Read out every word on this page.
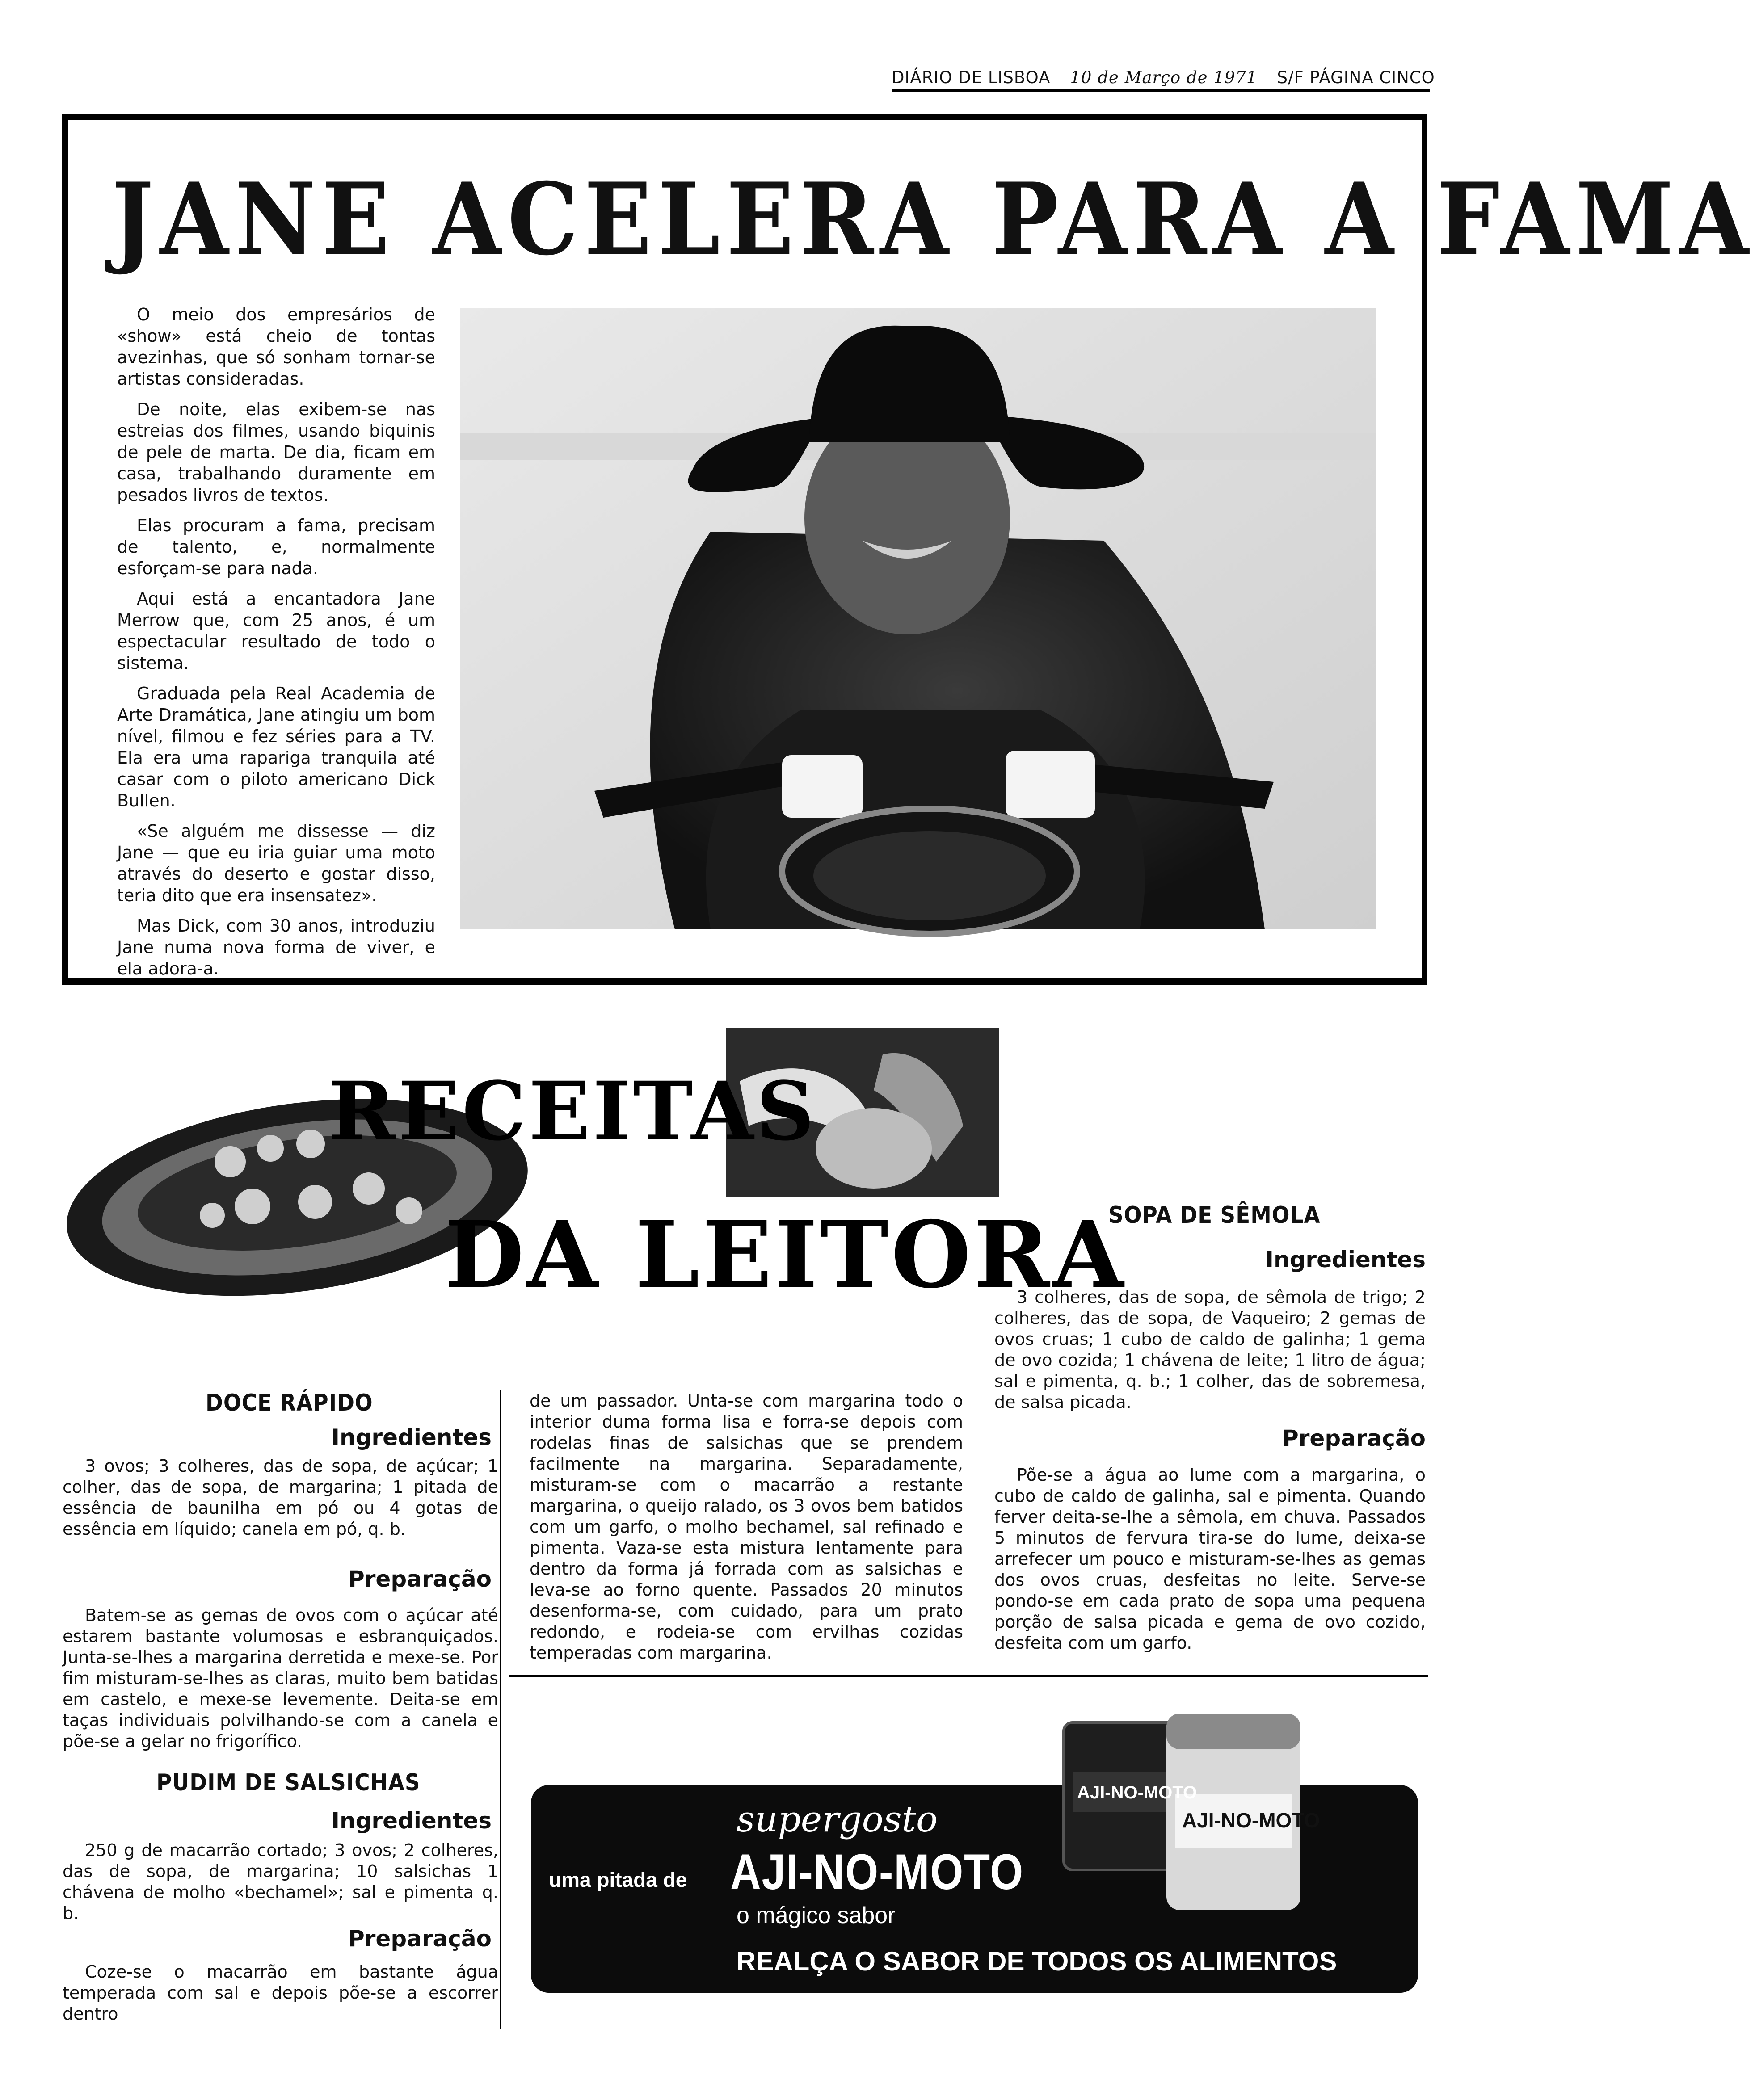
DIÁRIO DE LISBOA 10 de Março de 1971 S/F PÁGINA CINCO
JANE ACELERA PARA A FAMA

O meio dos empresários de «show» está cheio de tontas avezinhas, que só sonham tornar-se artistas consideradas.

De noite, elas exibem-se nas estreias dos filmes, usando biquinis de pele de marta. De dia, ficam em casa, trabalhando duramente em pesados livros de textos.

Elas procuram a fama, precisam de talento, e, normalmente esforçam-se para nada.

Aqui está a encantadora Jane Merrow que, com 25 anos, é um espectacular resultado de todo o sistema.

Graduada pela Real Academia de Arte Dramática, Jane atingiu um bom nível, filmou e fez séries para a TV. Ela era uma rapariga tranquila até casar com o piloto americano Dick Bullen.

«Se alguém me dissesse — diz Jane — que eu iria guiar uma moto através do deserto e gostar disso, teria dito que era insensatez».

Mas Dick, com 30 anos, introduziu Jane numa nova forma de viver, e ela adora-a.

RECEITAS
DA LEITORA
DOCE RÁPIDO
Ingredientes

3 ovos; 3 colheres, das de sopa, de açúcar; 1 colher, das de sopa, de margarina; 1 pitada de essência de baunilha em pó ou 4 gotas de essência em líquido; canela em pó, q. b.

Preparação

Batem-se as gemas de ovos com o açúcar até estarem bastante volumosas e esbranquiçados. Junta-se-lhes a margarina derretida e mexe-se. Por fim misturam-se-lhes as claras, muito bem batidas em castelo, e mexe-se levemente. Deita-se em taças individuais polvilhando-se com a canela e põe-se a gelar no frigorífico.

PUDIM DE SALSICHAS
Ingredientes

250 g de macarrão cortado; 3 ovos; 2 colheres, das de sopa, de margarina; 10 salsichas 1 chávena de molho «bechamel»; sal e pimenta q. b.

Preparação

Coze-se o macarrão em bastante água temperada com sal e depois põe-se a escorrer dentro

de um passador. Unta-se com margarina todo o interior duma forma lisa e forra-se depois com rodelas finas de salsichas que se prendem facilmente na margarina. Separadamente, misturam-se com o macarrão a restante margarina, o queijo ralado, os 3 ovos bem batidos com um garfo, o molho bechamel, sal refinado e pimenta. Vaza-se esta mistura lentamente para dentro da forma já forrada com as salsichas e leva-se ao forno quente. Passados 20 minutos desenforma-se, com cuidado, para um prato redondo, e rodeia-se com ervilhas cozidas temperadas com margarina.

SOPA DE SÊMOLA
Ingredientes

3 colheres, das de sopa, de sêmola de trigo; 2 colheres, das de sopa, de Vaqueiro; 2 gemas de ovos cruas; 1 cubo de caldo de galinha; 1 gema de ovo cozida; 1 chávena de leite; 1 litro de água; sal e pimenta, q. b.; 1 colher, das de sobremesa, de salsa picada.

Preparação

Põe-se a água ao lume com a margarina, o cubo de caldo de galinha, sal e pimenta. Quando ferver deita-se-lhe a sêmola, em chuva. Passados 5 minutos de fervura tira-se do lume, deixa-se arrefecer um pouco e misturam-se-lhes as gemas dos ovos cruas, desfeitas no leite. Serve-se pondo-se em cada prato de sopa uma pequena porção de salsa picada e gema de ovo cozido, desfeita com um garfo.

supergosto
uma pitada de AJI-NO-MOTO
o mágico sabor
REALÇA O SABOR DE TODOS OS ALIMENTOS
AJI-NO-MOTO
AJI-NO-MOTO
